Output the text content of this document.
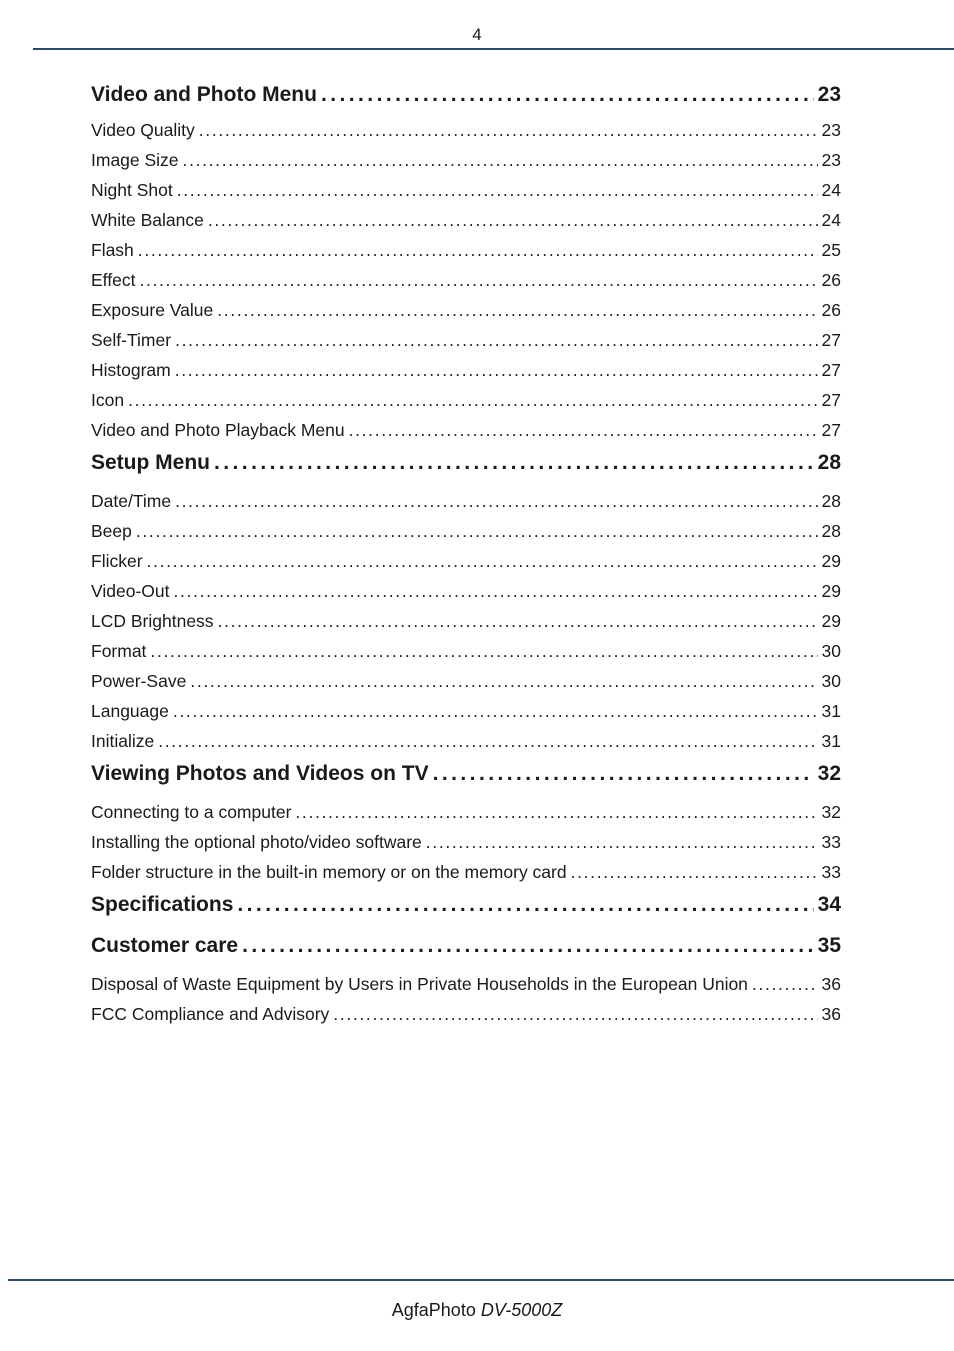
4
Video and Photo Menu . . .	23
Video Quality . . .	23
Image Size . . .	23
Night Shot . . .	24
White Balance . . .	24
Flash . . .	25
Effect . . .	26
Exposure Value . . .	26
Self-Timer . . .	27
Histogram . . .	27
Icon . . .	27
Video and Photo Playback Menu . . .	27
Setup Menu . . .	28
Date/Time . . .	28
Beep . . .	28
Flicker . . .	29
Video-Out . . .	29
LCD Brightness . . .	29
Format . . .	30
Power-Save . . .	30
Language . . .	31
Initialize . . .	31
Viewing Photos and Videos on TV . . .	32
Connecting to a computer . . .	32
Installing the optional photo/video software . . .	33
Folder structure in the built-in memory or on the memory card . . .	33
Specifications . . .	34
Customer care . . .	35
Disposal of Waste Equipment by Users in Private Households in the European Union . . .	36
FCC Compliance and Advisory . . .	36
AgfaPhoto DV-5000Z
